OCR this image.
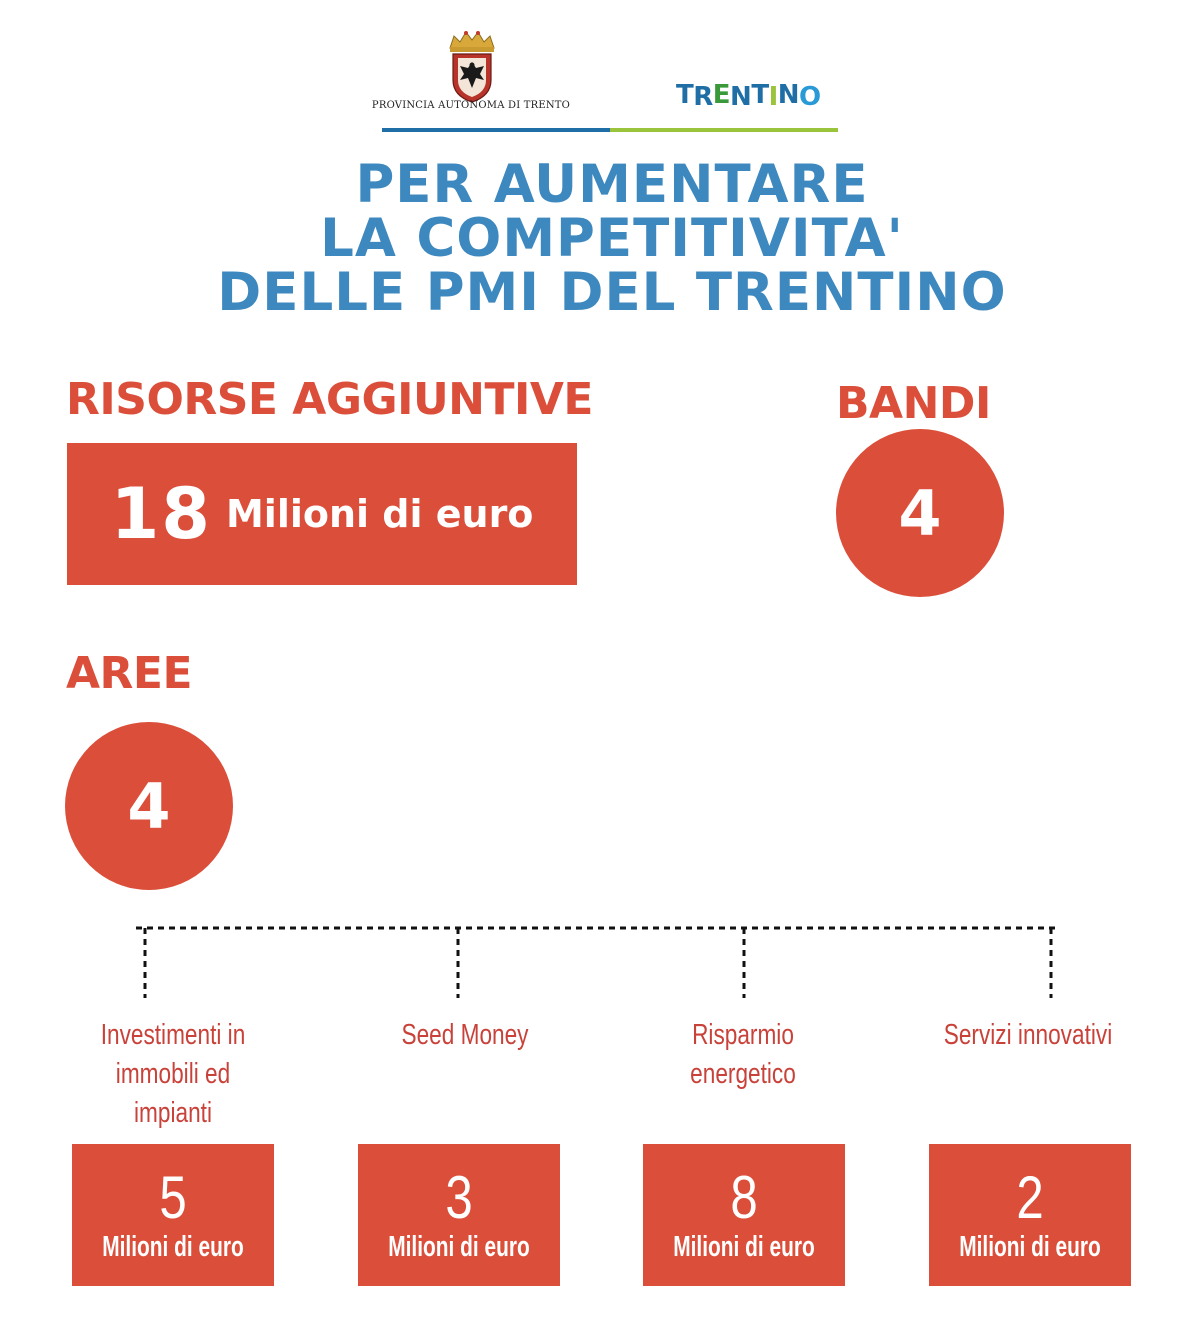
PROVINCIA AUTONOMA DI TRENTO	TRENTINO
PER AUMENTARE
LA COMPETITIVITA'
DELLE PMI DEL TRENTINO
RISORSE AGGIUNTIVE
18 Milioni di euro
BANDI
4
AREE
4
Investimenti in immobili ed impianti
Seed Money	Risparmio energetico
Servizi innovativi
5
Milioni di euro
3
Milioni di euro
8
Milioni di euro
2
Milioni di euro
